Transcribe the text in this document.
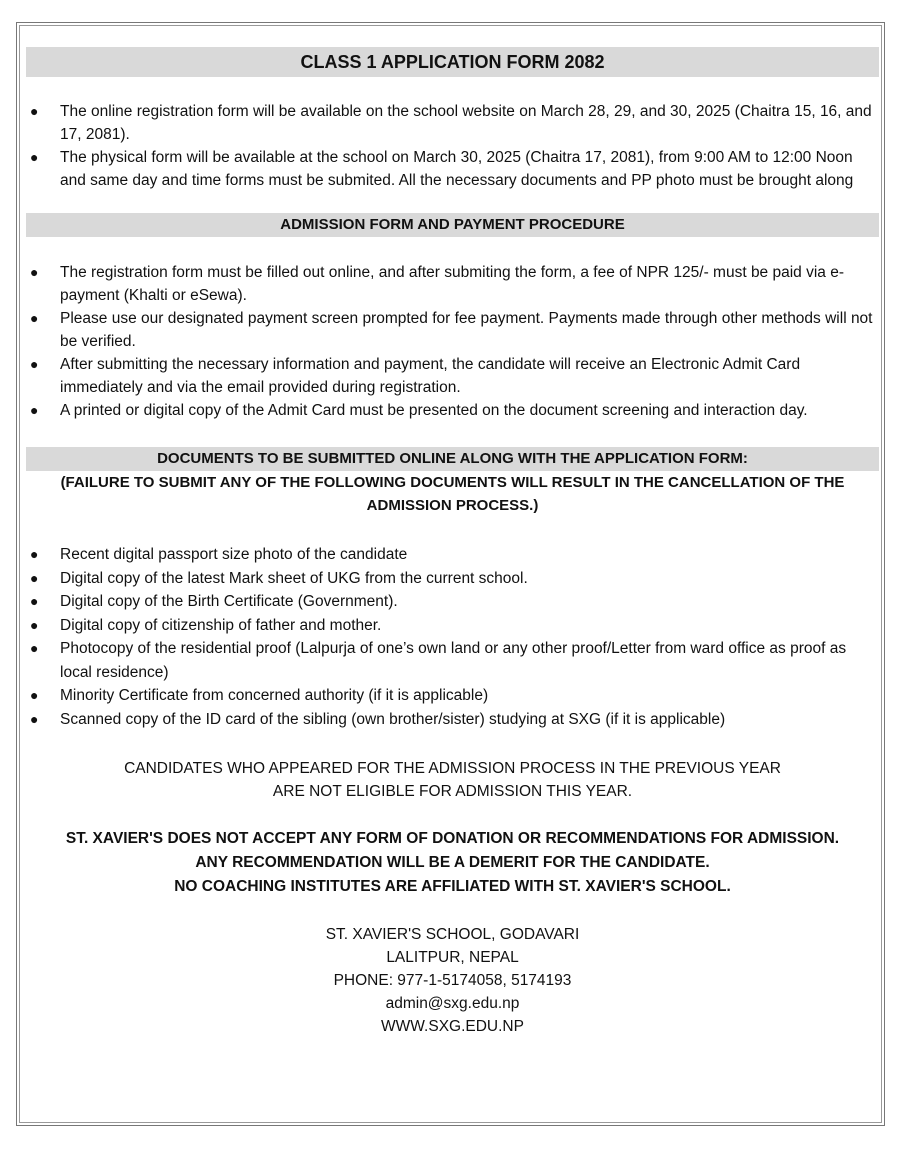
CLASS 1 APPLICATION FORM 2082
● The online registration form will be available on the school website on March 28, 29, and 30, 2025 (Chaitra 15, 16, and 17, 2081).
● The physical form will be available at the school on March 30, 2025 (Chaitra 17, 2081), from 9:00 AM to 12:00 Noon and same day and time forms must be submited. All the necessary documents and PP photo must be brought along
ADMISSION FORM AND PAYMENT PROCEDURE
● The registration form must be filled out online, and after submiting the form, a fee of NPR 125/- must be paid via e-payment (Khalti or eSewa).
● Please use our designated payment screen prompted for fee payment. Payments made through other methods will not be verified.
● After submitting the necessary information and payment, the candidate will receive an Electronic Admit Card immediately and via the email provided during registration.
● A printed or digital copy of the Admit Card must be presented on the document screening and interaction day.
DOCUMENTS TO BE SUBMITTED ONLINE ALONG WITH THE APPLICATION FORM:
(FAILURE TO SUBMIT ANY OF THE FOLLOWING DOCUMENTS WILL RESULT IN THE CANCELLATION OF THE ADMISSION PROCESS.)
● Recent digital passport size photo of the candidate
● Digital copy of the latest Mark sheet of UKG from the current school.
● Digital copy of the Birth Certificate (Government).
● Digital copy of citizenship of father and mother.
● Photocopy of the residential proof (Lalpurja of one’s own land or any other proof/Letter from ward office as proof as local residence)
● Minority Certificate from concerned authority (if it is applicable)
● Scanned copy of the ID card of the sibling (own brother/sister) studying at SXG (if it is applicable)
CANDIDATES WHO APPEARED FOR THE ADMISSION PROCESS IN THE PREVIOUS YEAR
ARE NOT ELIGIBLE FOR ADMISSION THIS YEAR.
ST. XAVIER'S DOES NOT ACCEPT ANY FORM OF DONATION OR RECOMMENDATIONS FOR ADMISSION.
ANY RECOMMENDATION WILL BE A DEMERIT FOR THE CANDIDATE.
NO COACHING INSTITUTES ARE AFFILIATED WITH ST. XAVIER'S SCHOOL.
ST. XAVIER'S SCHOOL, GODAVARI
LALITPUR, NEPAL
PHONE: 977-1-5174058, 5174193
admin@sxg.edu.np
WWW.SXG.EDU.NP
